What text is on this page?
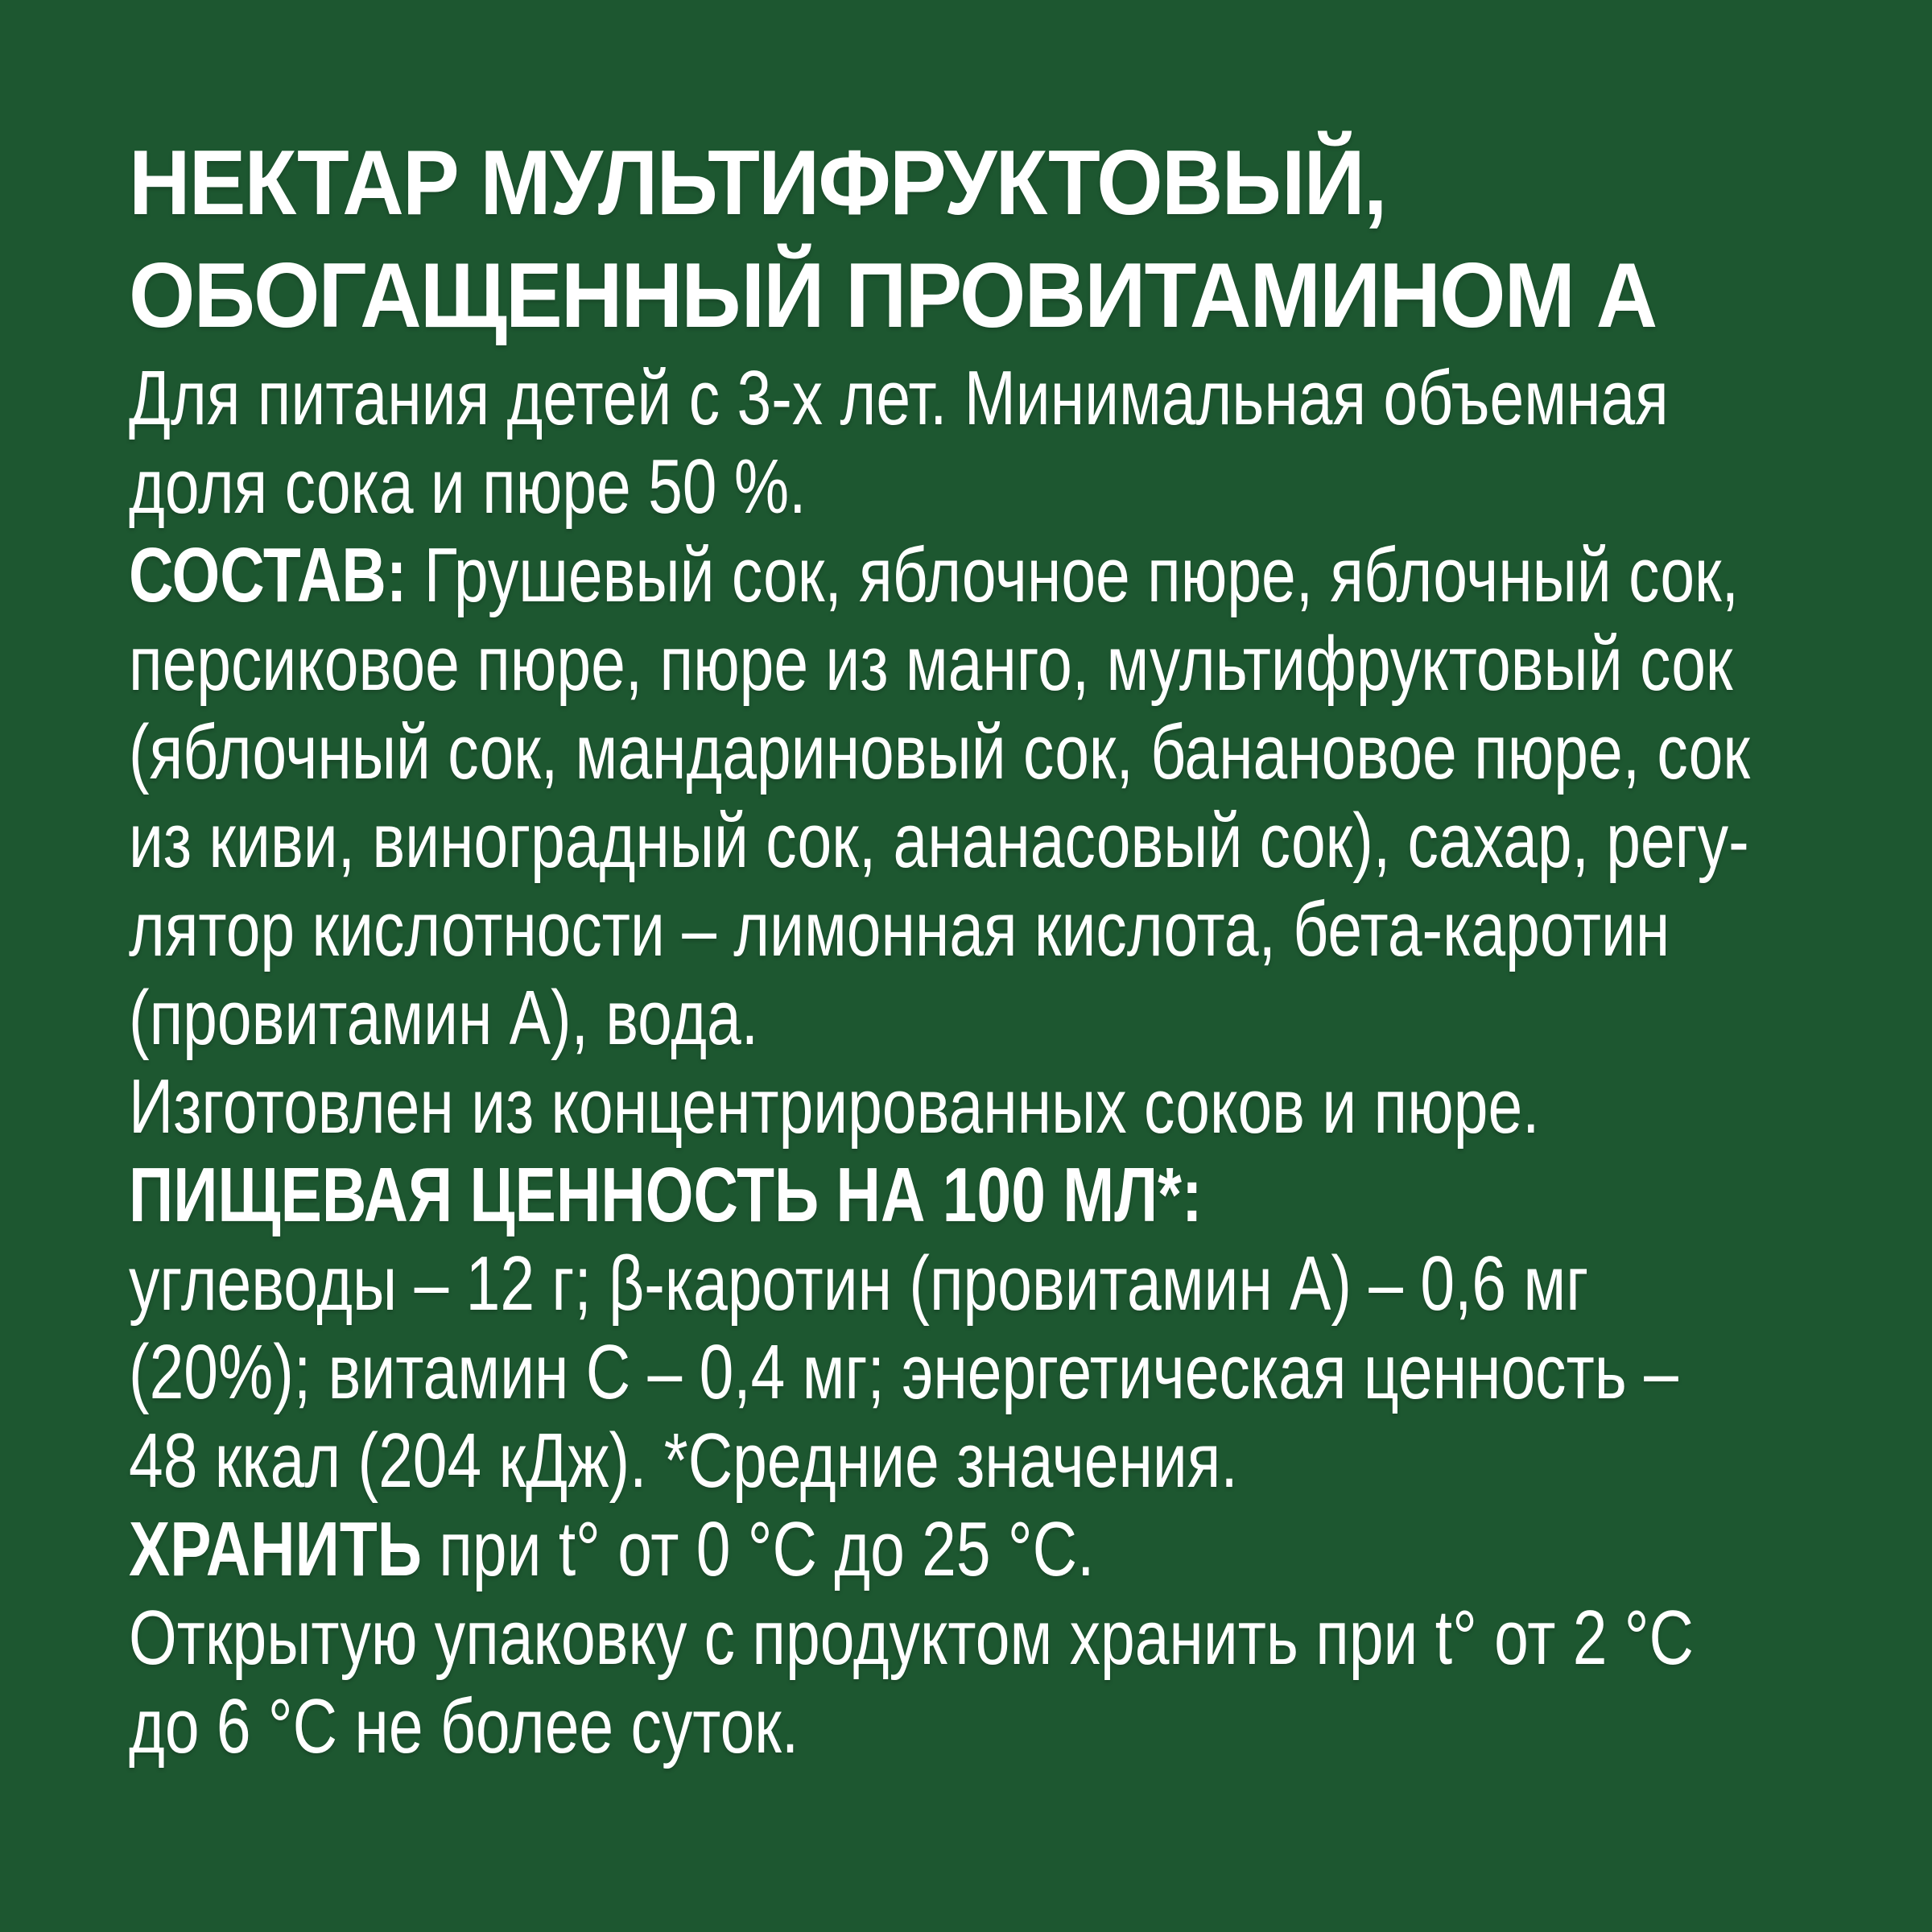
НЕКТАР МУЛЬТИФРУКТОВЫЙ,
ОБОГАЩЕННЫЙ ПРОВИТАМИНОМ А
Для питания детей с 3-х лет. Минимальная объемная
доля сока и пюре 50 %.
СОСТАВ: Грушевый сок, яблочное пюре, яблочный сок,
персиковое пюре, пюре из манго, мультифруктовый сок
(яблочный сок, мандариновый сок, банановое пюре, сок
из киви, виноградный сок, ананасовый сок), сахар, регу-
лятор кислотности – лимонная кислота, бета-каротин
(провитамин А), вода.
Изготовлен из концентрированных соков и пюре.
ПИЩЕВАЯ ЦЕННОСТЬ НА 100 МЛ*:
углеводы – 12 г; β-каротин (провитамин А) – 0,6 мг
(20%); витамин С – 0,4 мг; энергетическая ценность –
48 ккал (204 кДж). *Средние значения.
ХРАНИТЬ при t° от 0 °С до 25 °С.
Открытую упаковку с продуктом хранить при t° от 2 °С
до 6 °С не более суток.
